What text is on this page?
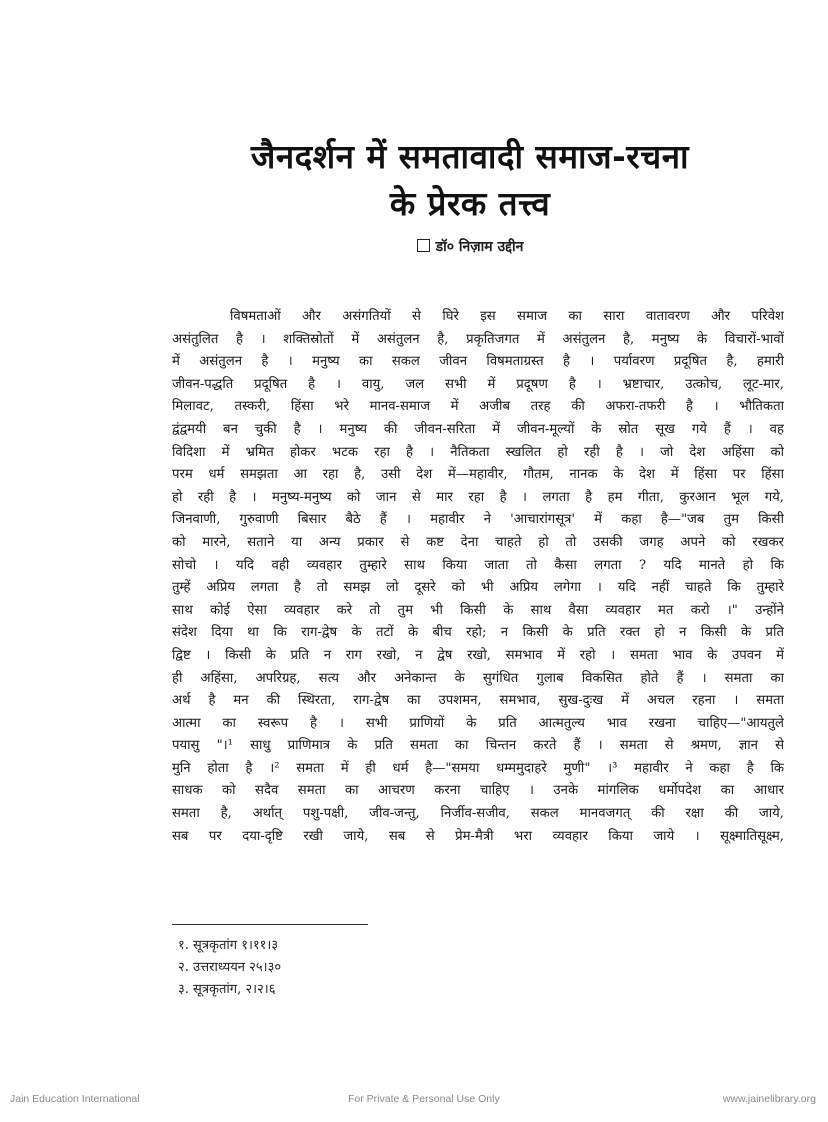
जैनदर्शन में समतावादी समाज-रचना
के प्रेरक तत्त्व
डॉ० निज़ाम उद्दीन
विषमताओं और असंगतियों से घिरे इस समाज का सारा वातावरण और परिवेश
असंतुलित है । शक्तिस्रोतों में असंतुलन है, प्रकृतिजगत में असंतुलन है, मनुष्य के विचारों-भावों
में असंतुलन है । मनुष्य का सकल जीवन विषमताग्रस्त है । पर्यावरण प्रदूषित है, हमारी
जीवन-पद्धति प्रदूषित है । वायु, जल सभी में प्रदूषण है । भ्रष्टाचार, उत्कोच, लूट-मार,
मिलावट, तस्करी, हिंसा भरे मानव-समाज में अजीब तरह की अफरा-तफरी है । भौतिकता
द्वंद्वमयी बन चुकी है । मनुष्य की जीवन-सरिता में जीवन-मूल्यों के स्रोत सूख गये हैं । वह
विदिशा में भ्रमित होकर भटक रहा है । नैतिकता स्खलित हो रही है । जो देश अहिंसा को
परम धर्म समझता आ रहा है, उसी देश में—महावीर, गौतम, नानक के देश में हिंसा पर हिंसा
हो रही है । मनुष्य-मनुष्य को जान से मार रहा है । लगता है हम गीता, कुरआन भूल गये,
जिनवाणी, गुरुवाणी बिसार बैठे हैं । महावीर ने 'आचारांगसूत्र' में कहा है—"जब तुम किसी
को मारने, सताने या अन्य प्रकार से कष्ट देना चाहते हो तो उसकी जगह अपने को रखकर
सोचो । यदि वही व्यवहार तुम्हारे साथ किया जाता तो कैसा लगता ? यदि मानते हो कि
तुम्हें अप्रिय लगता है तो समझ लो दूसरे को भी अप्रिय लगेगा । यदि नहीं चाहते कि तुम्हारे
साथ कोई ऐसा व्यवहार करे तो तुम भी किसी के साथ वैसा व्यवहार मत करो ।" उन्होंने
संदेश दिया था कि राग-द्वेष के तटों के बीच रहो; न किसी के प्रति रक्त हो न किसी के प्रति
द्विष्ट । किसी के प्रति न राग रखो, न द्वेष रखो, समभाव में रहो । समता भाव के उपवन में
ही अहिंसा, अपरिग्रह, सत्य और अनेकान्त के सुगंधित गुलाब विकसित होते हैं । समता का
अर्थ है मन की स्थिरता, राग-द्वेष का उपशमन, समभाव, सुख-दुःख में अचल रहना । समता
आत्मा का स्वरूप है । सभी प्राणियों के प्रति आत्मतुल्य भाव रखना चाहिए—"आयतुले
पयासु "।¹ साधु प्राणिमात्र के प्रति समता का चिन्तन करते हैं । समता से श्रमण, ज्ञान से
मुनि होता है ।² समता में ही धर्म है—"समया धम्ममुदाहरे मुणी" ।³ महावीर ने कहा है कि
साधक को सदैव समता का आचरण करना चाहिए । उनके मांगलिक धर्मोपदेश का आधार
समता है, अर्थात् पशु-पक्षी, जीव-जन्तु, निर्जीव-सजीव, सकल मानवजगत् की रक्षा की जाये,
सब पर दया-दृष्टि रखी जाये, सब से प्रेम-मैत्री भरा व्यवहार किया जाये । सूक्ष्मातिसूक्ष्म,
१. सूत्रकृतांग १।११।३
२. उत्तराध्ययन २५।३०
३. सूत्रकृतांग, २।२।६
Jain Education International	For Private & Personal Use Only	www.jainelibrary.org
